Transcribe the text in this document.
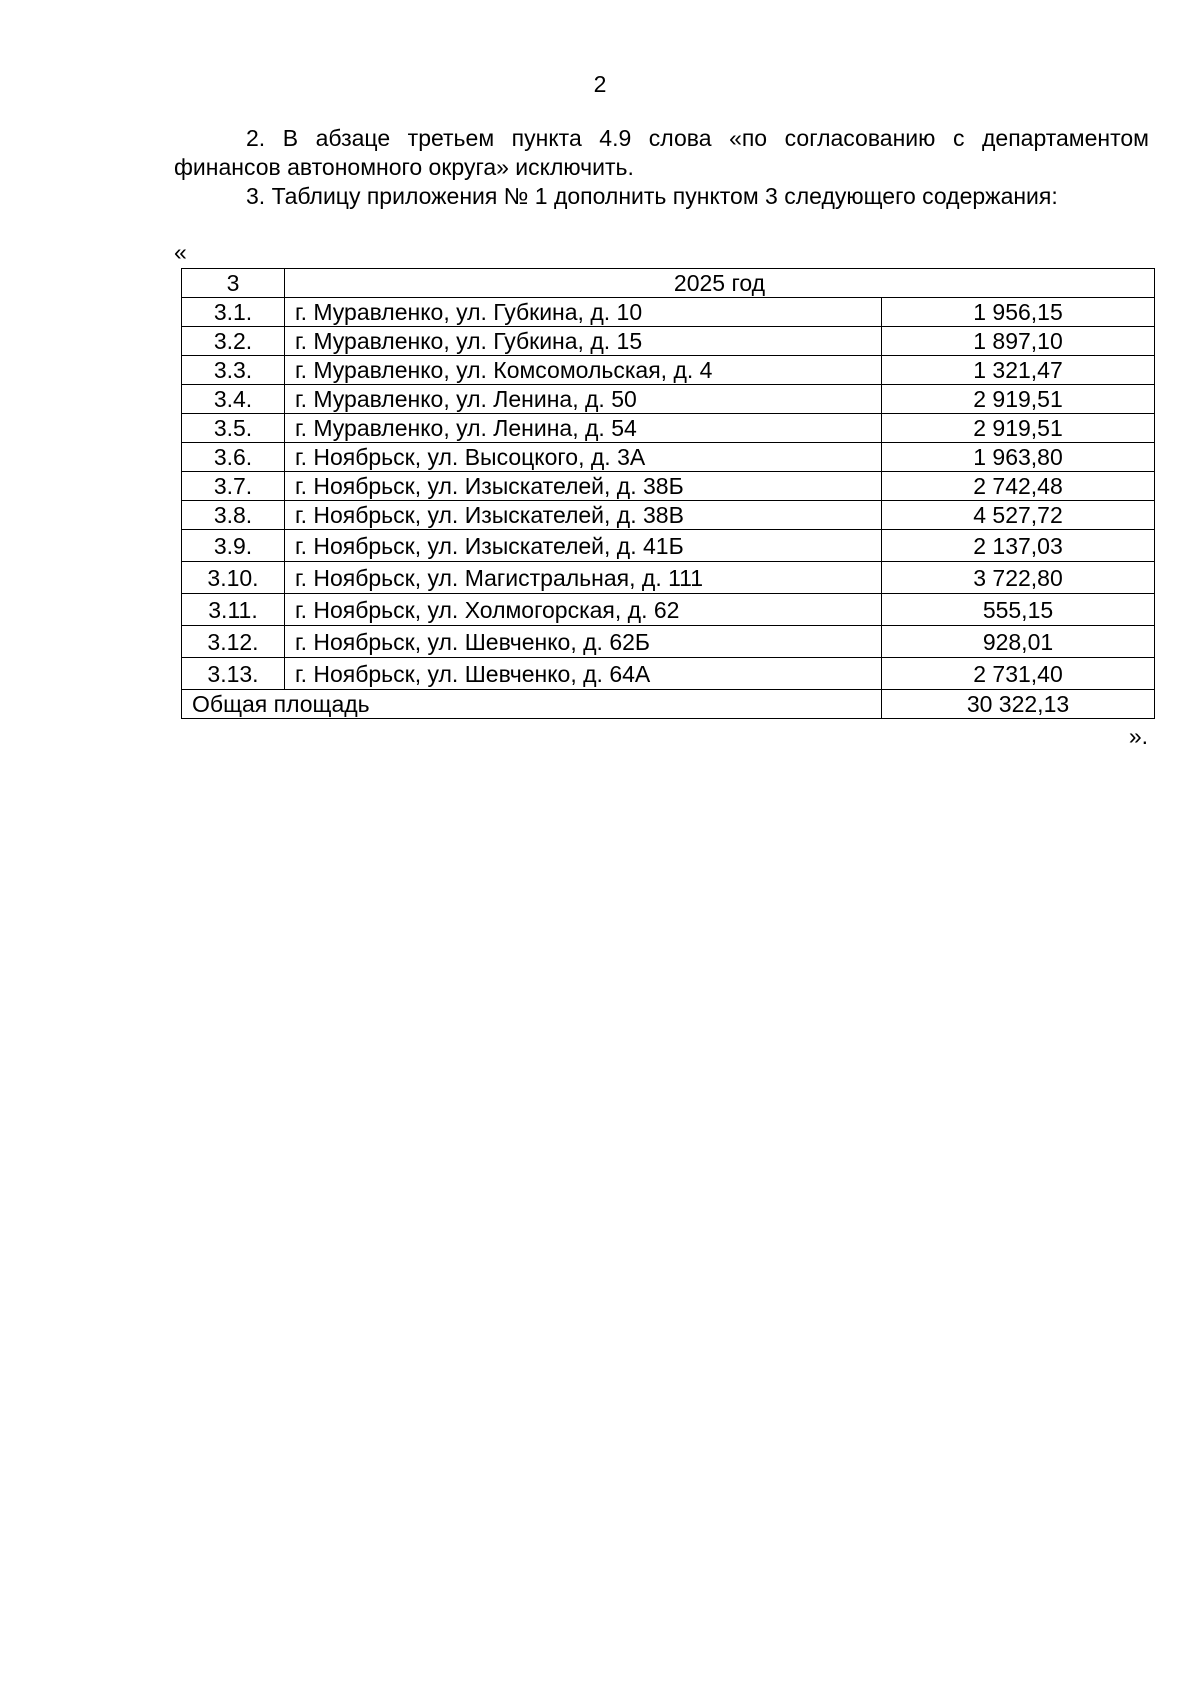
2

2. В абзаце третьем пункта 4.9 слова «по согласованию с департаментом финансов автономного округа» исключить.

3. Таблицу приложения № 1 дополнить пунктом 3 следующего содержания:

«
3	2025 год	
3.1.	г. Муравленко, ул. Губкина, д. 10	1 956,15
3.2.	г. Муравленко, ул. Губкина, д. 15	1 897,10
3.3.	г. Муравленко, ул. Комсомольская, д. 4	1 321,47
3.4.	г. Муравленко, ул. Ленина, д. 50	2 919,51
3.5.	г. Муравленко, ул. Ленина, д. 54	2 919,51
3.6.	г. Ноябрьск, ул. Высоцкого, д. 3А	1 963,80
3.7.	г. Ноябрьск, ул. Изыскателей, д. 38Б	2 742,48
3.8.	г. Ноябрьск, ул. Изыскателей, д. 38В	4 527,72
3.9.	г. Ноябрьск, ул. Изыскателей, д. 41Б	2 137,03
3.10.	г. Ноябрьск, ул. Магистральная, д. 111	3 722,80
3.11.	г. Ноябрьск, ул. Холмогорская, д. 62	555,15
3.12.	г. Ноябрьск, ул. Шевченко, д. 62Б	928,01
3.13.	г. Ноябрьск, ул. Шевченко, д. 64А	2 731,40
Общая площадь		30 322,13
».
